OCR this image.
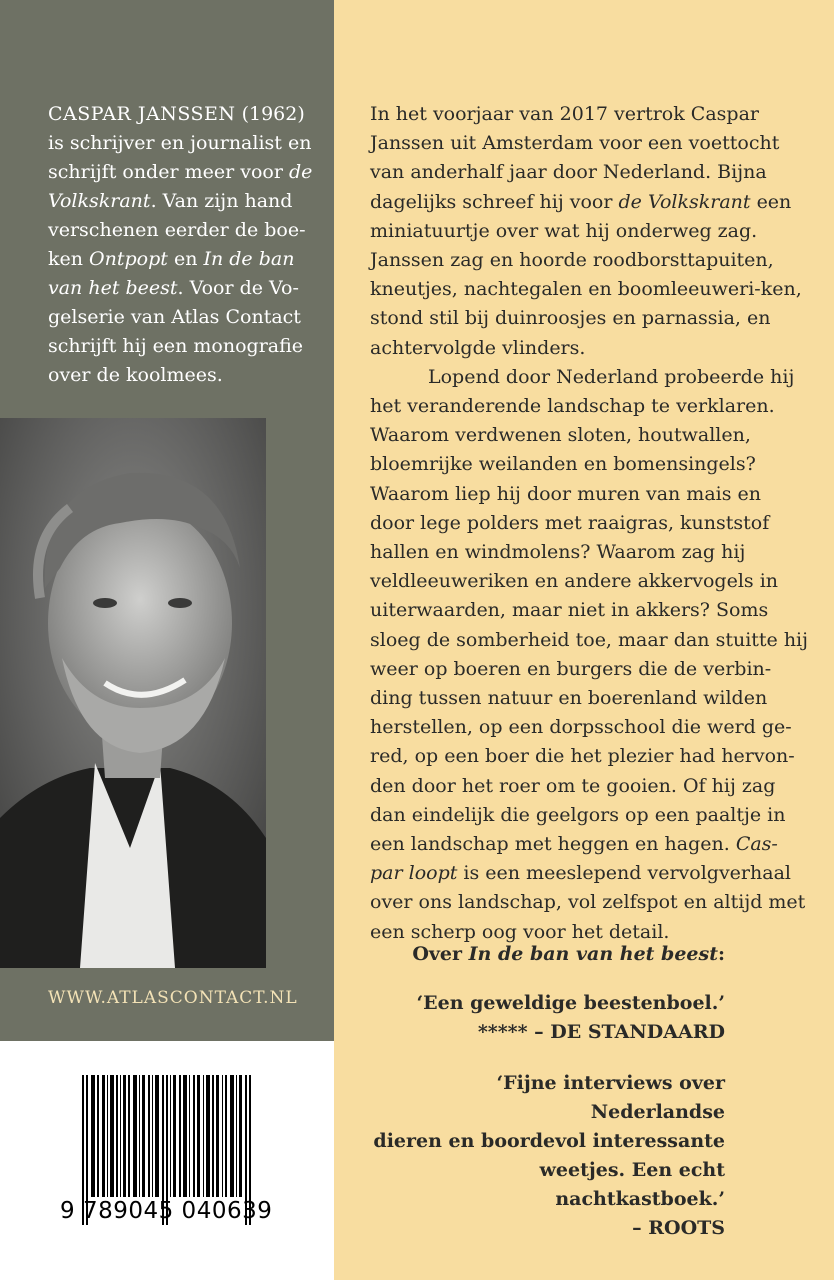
CASPAR JANSSEN (1962) is schrijver en journalist en schrijft onder meer voor de Volkskrant. Van zijn hand verschenen eerder de boe-ken Ontpopt en In de ban van het beest. Voor de Vo-gelserie van Atlas Contact schrijft hij een monografie over de koolmees.
WWW.ATLASCONTACT.NL

In het voorjaar van 2017 vertrok Caspar Janssen uit Amsterdam voor een voettocht van anderhalf jaar door Nederland. Bijna dagelijks schreef hij voor de Volkskrant een miniatuurtje over wat hij onderweg zag. Janssen zag en hoorde roodborsttapuiten, kneutjes, nachtegalen en boomleeuweri-ken, stond stil bij duinroosjes en parnassia, en achtervolgde vlinders.

Lopend door Nederland probeerde hij het veranderende landschap te verklaren. Waarom verdwenen sloten, houtwallen, bloemrijke weilanden en bomensingels? Waarom liep hij door muren van mais en door lege polders met raaigras, kunststof hallen en windmolens? Waarom zag hij veldleeuweriken en andere akkervogels in uiterwaarden, maar niet in akkers? Soms sloeg de somberheid toe, maar dan stuitte hij weer op boeren en burgers die de verbin-ding tussen natuur en boerenland wilden herstellen, op een dorpsschool die werd ge-red, op een boer die het plezier had hervon-den door het roer om te gooien. Of hij zag dan eindelijk die geelgors op een paaltje in een landschap met heggen en hagen. Cas-par loopt is een meeslepend vervolgverhaal over ons landschap, vol zelfspot en altijd met een scherp oog voor het detail.

Over In de ban van het beest:
‘Een geweldige beestenboel.’
***** – DE STANDAARD
‘Fijne interviews over Nederlandse
dieren en boordevol interessante
weetjes. Een echt nachtkastboek.’
– ROOTS
9 789045 040639
